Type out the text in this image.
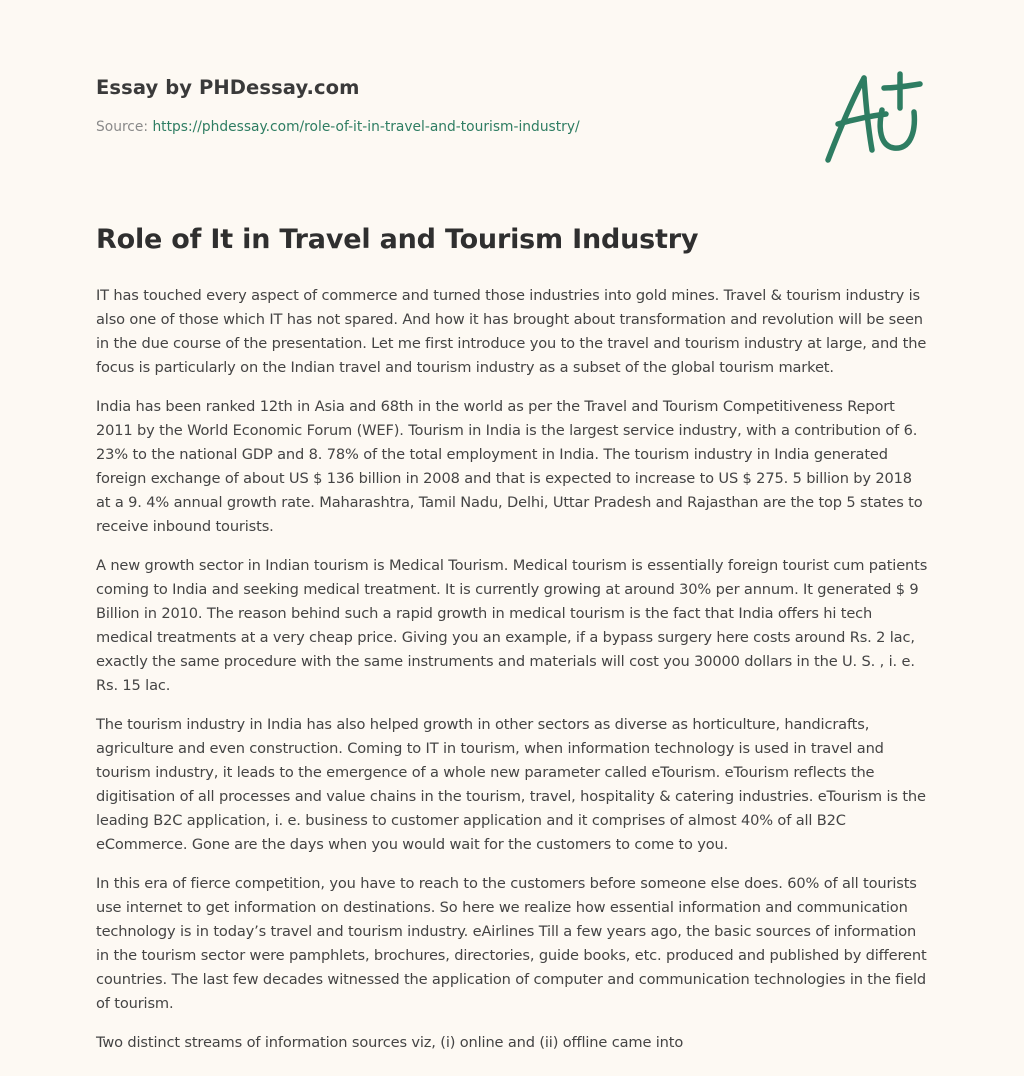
Essay by PHDessay.com
Source: https://phdessay.com/role-of-it-in-travel-and-tourism-industry/
Role of It in Travel and Tourism Industry

IT has touched every aspect of commerce and turned those industries into gold mines. Travel & tourism industry is also one of those which IT has not spared. And how it has brought about transformation and revolution will be seen in the due course of the presentation. Let me first introduce you to the travel and tourism industry at large, and the focus is particularly on the Indian travel and tourism industry as a subset of the global tourism market.

India has been ranked 12th in Asia and 68th in the world as per the Travel and Tourism Competitiveness Report 2011 by the World Economic Forum (WEF). Tourism in India is the largest service industry, with a contribution of 6. 23% to the national GDP and 8. 78% of the total employment in India. The tourism industry in India generated foreign exchange of about US $ 136 billion in 2008 and that is expected to increase to US $ 275. 5 billion by 2018 at a 9. 4% annual growth rate. Maharashtra, Tamil Nadu, Delhi, Uttar Pradesh and Rajasthan are the top 5 states to receive inbound tourists.

A new growth sector in Indian tourism is Medical Tourism. Medical tourism is essentially foreign tourist cum patients coming to India and seeking medical treatment. It is currently growing at around 30% per annum. It generated $ 9 Billion in 2010. The reason behind such a rapid growth in medical tourism is the fact that India offers hi tech medical treatments at a very cheap price. Giving you an example, if a bypass surgery here costs around Rs. 2 lac, exactly the same procedure with the same instruments and materials will cost you 30000 dollars in the U. S. , i. e. Rs. 15 lac.

The tourism industry in India has also helped growth in other sectors as diverse as horticulture, handicrafts, agriculture and even construction. Coming to IT in tourism, when information technology is used in travel and tourism industry, it leads to the emergence of a whole new parameter called eTourism. eTourism reflects the digitisation of all processes and value chains in the tourism, travel, hospitality & catering industries. eTourism is the leading B2C application, i. e. business to customer application and it comprises of almost 40% of all B2C eCommerce. Gone are the days when you would wait for the customers to come to you.

In this era of fierce competition, you have to reach to the customers before someone else does. 60% of all tourists use internet to get information on destinations. So here we realize how essential information and communication technology is in today’s travel and tourism industry. eAirlines Till a few years ago, the basic sources of information in the tourism sector were pamphlets, brochures, directories, guide books, etc. produced and published by different countries. The last few decades witnessed the application of computer and communication technologies in the field of tourism.

Two distinct streams of information sources viz, (i) online and (ii) offline came into
